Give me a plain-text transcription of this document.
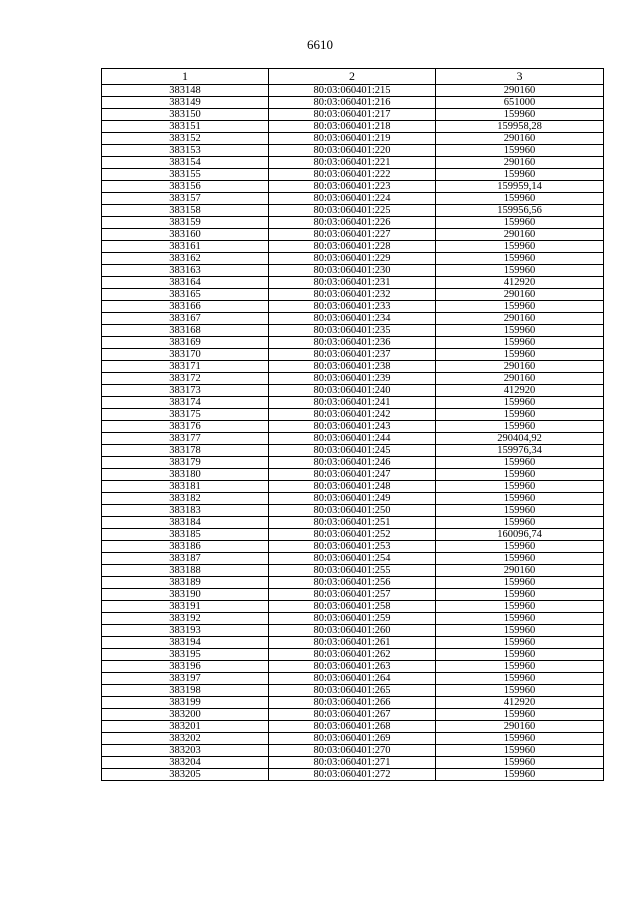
6610
1	2	3
383148	80:03:060401:215	290160
383149	80:03:060401:216	651000
383150	80:03:060401:217	159960
383151	80:03:060401:218	159958,28
383152	80:03:060401:219	290160
383153	80:03:060401:220	159960
383154	80:03:060401:221	290160
383155	80:03:060401:222	159960
383156	80:03:060401:223	159959,14
383157	80:03:060401:224	159960
383158	80:03:060401:225	159956,56
383159	80:03:060401:226	159960
383160	80:03:060401:227	290160
383161	80:03:060401:228	159960
383162	80:03:060401:229	159960
383163	80:03:060401:230	159960
383164	80:03:060401:231	412920
383165	80:03:060401:232	290160
383166	80:03:060401:233	159960
383167	80:03:060401:234	290160
383168	80:03:060401:235	159960
383169	80:03:060401:236	159960
383170	80:03:060401:237	159960
383171	80:03:060401:238	290160
383172	80:03:060401:239	290160
383173	80:03:060401:240	412920
383174	80:03:060401:241	159960
383175	80:03:060401:242	159960
383176	80:03:060401:243	159960
383177	80:03:060401:244	290404,92
383178	80:03:060401:245	159976,34
383179	80:03:060401:246	159960
383180	80:03:060401:247	159960
383181	80:03:060401:248	159960
383182	80:03:060401:249	159960
383183	80:03:060401:250	159960
383184	80:03:060401:251	159960
383185	80:03:060401:252	160096,74
383186	80:03:060401:253	159960
383187	80:03:060401:254	159960
383188	80:03:060401:255	290160
383189	80:03:060401:256	159960
383190	80:03:060401:257	159960
383191	80:03:060401:258	159960
383192	80:03:060401:259	159960
383193	80:03:060401:260	159960
383194	80:03:060401:261	159960
383195	80:03:060401:262	159960
383196	80:03:060401:263	159960
383197	80:03:060401:264	159960
383198	80:03:060401:265	159960
383199	80:03:060401:266	412920
383200	80:03:060401:267	159960
383201	80:03:060401:268	290160
383202	80:03:060401:269	159960
383203	80:03:060401:270	159960
383204	80:03:060401:271	159960
383205	80:03:060401:272	159960
